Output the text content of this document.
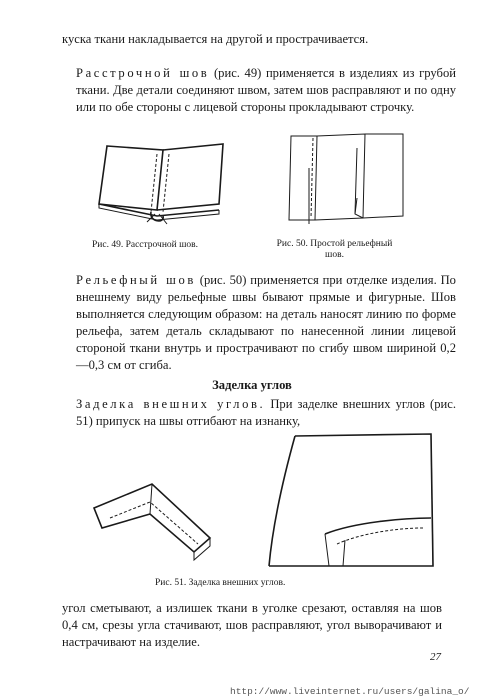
куска ткани накладывается на другой и прострачивается.

Расстрочной шов (рис. 49) применяется в изделиях из грубой ткани. Две детали соединяют швом, затем шов расправляют и по одну или по обе стороны с лицевой стороны прокладывают строчку.

Рис. 49. Расстрочной шов.	Рис. 50. Простой рельефный шов.

Рельефный шов (рис. 50) применяется при отделке изделия. По внешнему виду рельефные швы бывают прямые и фигурные. Шов выполняется следующим образом: на деталь наносят линию по форме рельефа, затем деталь складывают по нанесенной линии лицевой стороной ткани внутрь и прострачивают по сгибу швом шириной 0,2—0,3 см от сгиба.

Заделка углов

Заделка внешних углов. При заделке внешних углов (рис. 51) припуск на швы отгибают на изнанку,

Рис. 51. Заделка внешних углов.

угол сметывают, а излишек ткани в уголке срезают, оставляя на шов 0,4 см, срезы угла стачивают, шов расправляют, угол выворачивают и настрачивают на изделие.

27
http://www.liveinternet.ru/users/galina_o/
